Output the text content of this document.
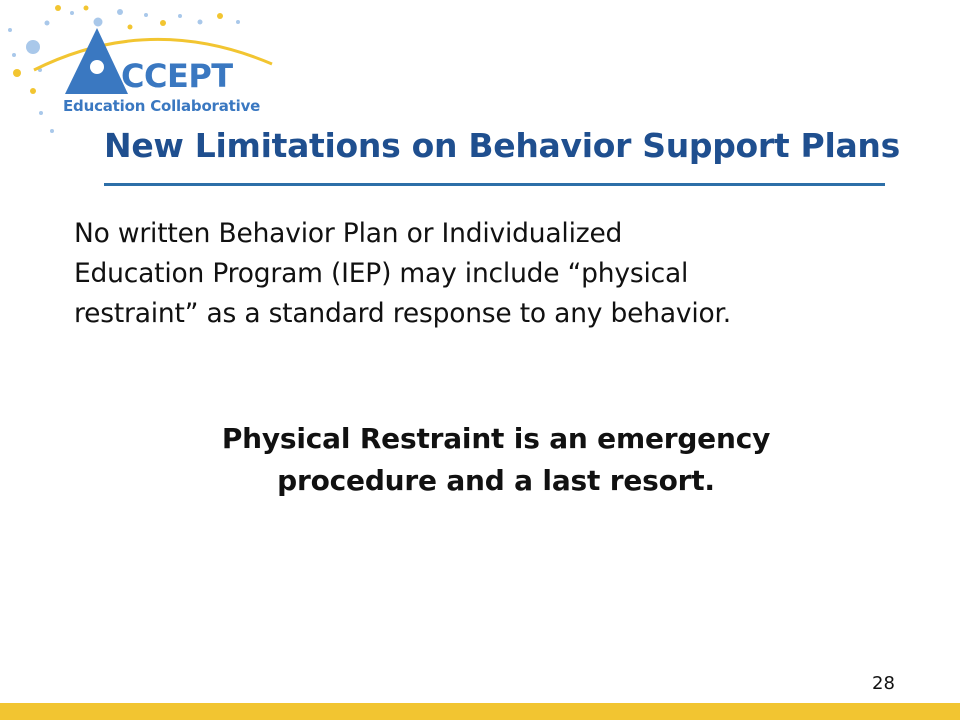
CCEPT
Education Collaborative
New Limitations on Behavior Support Plans
No written Behavior Plan or Individualized
Education Program (IEP) may include “physical
restraint” as a standard response to any behavior.
Physical Restraint is an emergency
procedure and a last resort.
28
